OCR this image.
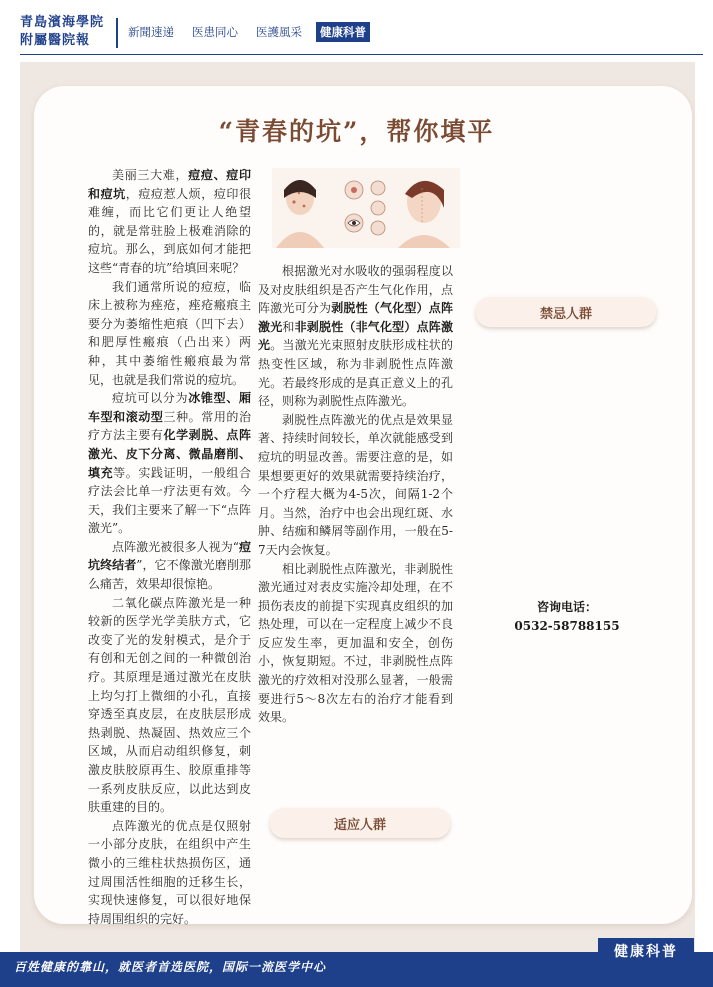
青島濱海學院
附屬醫院報
新聞速递	医患同心	医護風采	健康科普
“青春的坑”，帮你填平

美丽三大难，痘痘、痘印和痘坑，痘痘惹人烦，痘印很难缠，而比它们更让人绝望的，就是常驻脸上极难消除的痘坑。那么，到底如何才能把这些“青春的坑”给填回来呢？

我们通常所说的痘痘，临床上被称为痤疮，痤疮瘢痕主要分为萎缩性疤痕（凹下去）和肥厚性瘢痕（凸出来）两种，其中萎缩性瘢痕最为常见，也就是我们常说的痘坑。

痘坑可以分为冰锥型、厢车型和滚动型三种。常用的治疗方法主要有化学剥脱、点阵激光、皮下分离、微晶磨削、填充等。实践证明，一般组合疗法会比单一疗法更有效。今天，我们主要来了解一下“点阵激光”。

点阵激光被很多人视为“痘坑终结者”，它不像激光磨削那么痛苦，效果却很惊艳。

二氧化碳点阵激光是一种较新的医学光学美肤方式，它改变了光的发射模式，是介于有创和无创之间的一种微创治疗。其原理是通过激光在皮肤上均匀打上微细的小孔，直接穿透至真皮层，在皮肤层形成热剥脱、热凝固、热效应三个区域，从而启动组织修复，刺激皮肤胶原再生、胶原重排等一系列皮肤反应，以此达到皮肤重建的目的。

点阵激光的优点是仅照射一小部分皮肤，在组织中产生微小的三维柱状热损伤区，通过周围活性细胞的迁移生长，实现快速修复，可以很好地保持周围组织的完好。

根据激光对水吸收的强弱程度以及对皮肤组织是否产生气化作用，点阵激光可分为剥脱性（气化型）点阵激光和非剥脱性（非气化型）点阵激光。当激光光束照射皮肤形成柱状的热变性区域，称为非剥脱性点阵激光。若最终形成的是真正意义上的孔径，则称为剥脱性点阵激光。

剥脱性点阵激光的优点是效果显著、持续时间较长，单次就能感受到痘坑的明显改善。需要注意的是，如果想要更好的效果就需要持续治疗，一个疗程大概为4-5次，间隔1-2个月。当然，治疗中也会出现红斑、水肿、结痂和鳞屑等副作用，一般在5-7天内会恢复。

相比剥脱性点阵激光，非剥脱性激光通过对表皮实施冷却处理，在不损伤表皮的前提下实现真皮组织的加热处理，可以在一定程度上减少不良反应发生率，更加温和安全，创伤小，恢复期短。不过，非剥脱性点阵激光的疗效相对没那么显著，一般需要进行5～8次左右的治疗才能看到效果。

适应人群
禁忌人群

咨询电话：

0532-58788155

百姓健康的靠山，就医者首选医院，国际一流医学中心
健康科普
